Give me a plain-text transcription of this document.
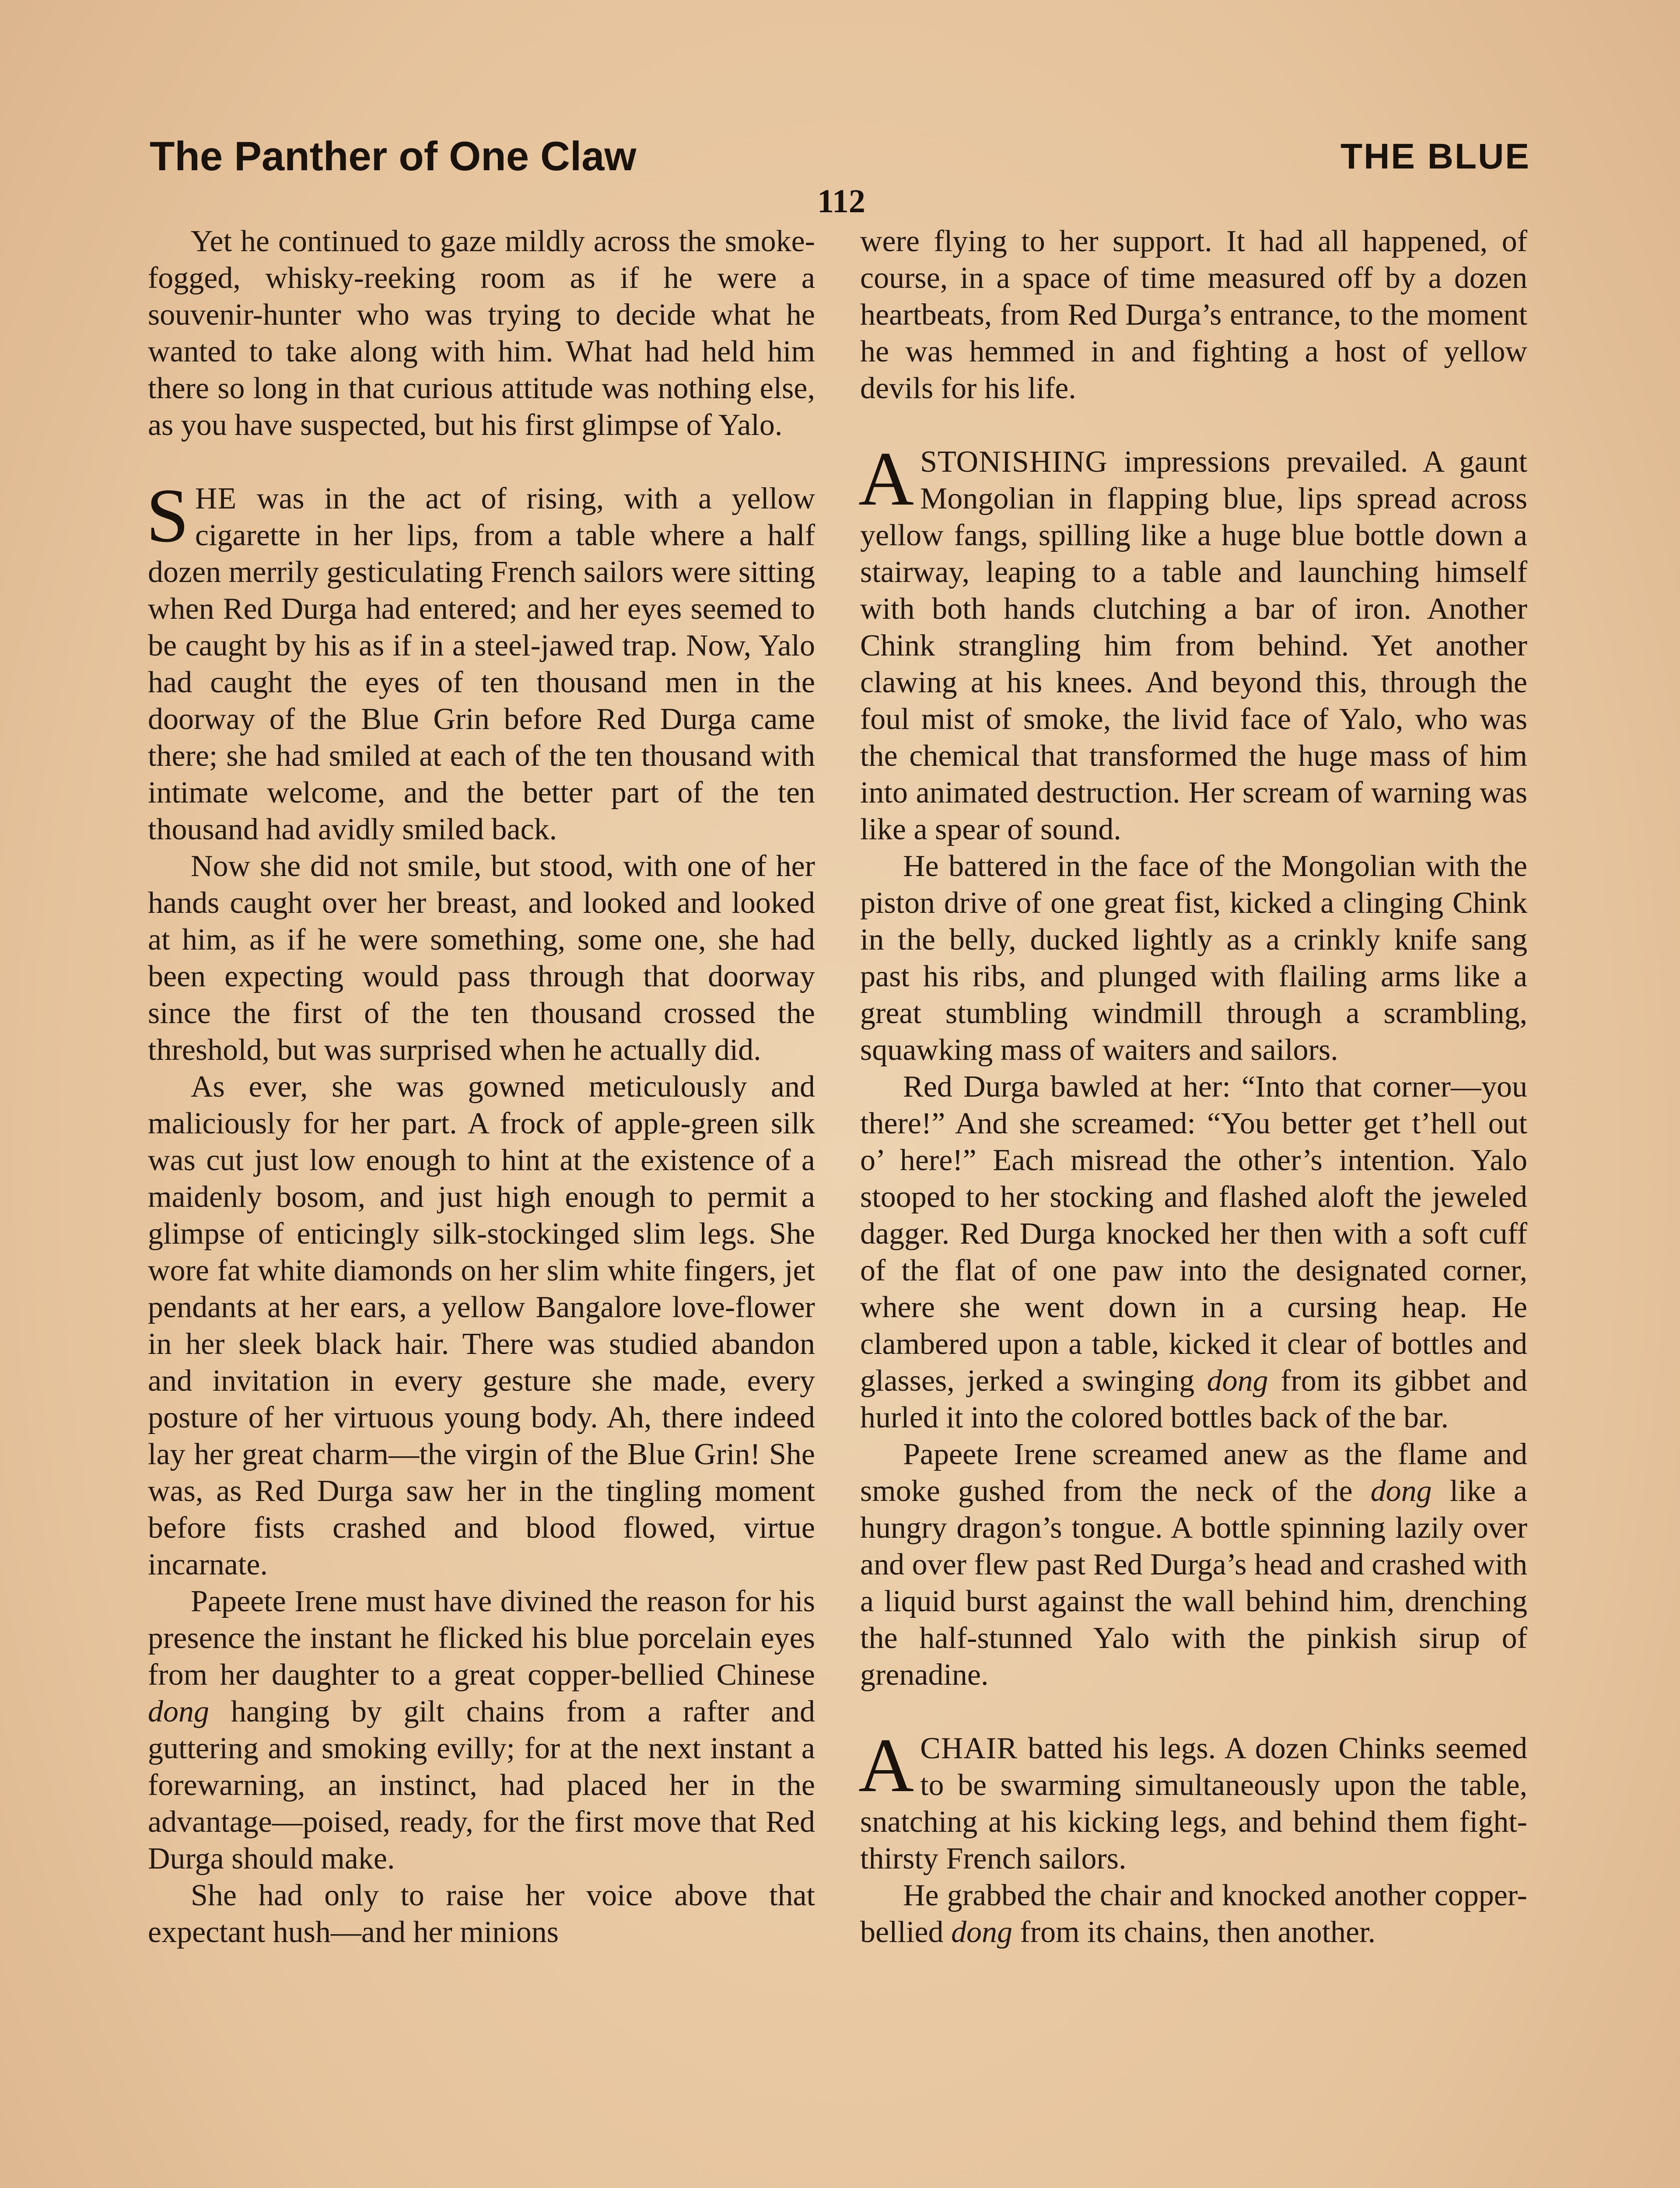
The Panther of One Claw	THE BLUE
112

Yet he continued to gaze mildly across the smoke-fogged, whisky-reeking room as if he were a souvenir-hunter who was trying to decide what he wanted to take along with him. What had held him there so long in that curious attitude was nothing else, as you have suspected, but his first glimpse of Yalo.

SHE was in the act of rising, with a yellow cigarette in her lips, from a table where a half dozen merrily gesticulating French sailors were sitting when Red Durga had entered; and her eyes seemed to be caught by his as if in a steel-jawed trap. Now, Yalo had caught the eyes of ten thousand men in the doorway of the Blue Grin before Red Durga came there; she had smiled at each of the ten thousand with intimate welcome, and the better part of the ten thousand had avidly smiled back.

Now she did not smile, but stood, with one of her hands caught over her breast, and looked and looked at him, as if he were something, some one, she had been expecting would pass through that doorway since the first of the ten thousand crossed the threshold, but was surprised when he actually did.

As ever, she was gowned meticulously and maliciously for her part. A frock of apple-green silk was cut just low enough to hint at the existence of a maidenly bosom, and just high enough to permit a glimpse of enticingly silk-stockinged slim legs. She wore fat white diamonds on her slim white fingers, jet pendants at her ears, a yellow Bangalore love-flower in her sleek black hair. There was studied abandon and invitation in every gesture she made, every posture of her virtuous young body. Ah, there indeed lay her great charm—the virgin of the Blue Grin! She was, as Red Durga saw her in the tingling moment before fists crashed and blood flowed, virtue incarnate.

Papeete Irene must have divined the reason for his presence the instant he flicked his blue porcelain eyes from her daughter to a great copper-bellied Chinese dong hanging by gilt chains from a rafter and guttering and smoking evilly; for at the next instant a forewarning, an instinct, had placed her in the advantage—poised, ready, for the first move that Red Durga should make.

She had only to raise her voice above that expectant hush—and her minions

were flying to her support. It had all happened, of course, in a space of time measured off by a dozen heartbeats, from Red Durga’s entrance, to the moment he was hemmed in and fighting a host of yellow devils for his life.

ASTONISHING impressions prevailed. A gaunt Mongolian in flapping blue, lips spread across yellow fangs, spilling like a huge blue bottle down a stairway, leaping to a table and launching himself with both hands clutching a bar of iron. Another Chink strangling him from behind. Yet another clawing at his knees. And beyond this, through the foul mist of smoke, the livid face of Yalo, who was the chemical that transformed the huge mass of him into animated destruction. Her scream of warning was like a spear of sound.

He battered in the face of the Mongolian with the piston drive of one great fist, kicked a clinging Chink in the belly, ducked lightly as a crinkly knife sang past his ribs, and plunged with flailing arms like a great stumbling windmill through a scrambling, squawking mass of waiters and sailors.

Red Durga bawled at her: “Into that corner—you there!” And she screamed: “You better get t’hell out o’ here!” Each misread the other’s intention. Yalo stooped to her stocking and flashed aloft the jeweled dagger. Red Durga knocked her then with a soft cuff of the flat of one paw into the designated corner, where she went down in a cursing heap. He clambered upon a table, kicked it clear of bottles and glasses, jerked a swinging dong from its gibbet and hurled it into the colored bottles back of the bar.

Papeete Irene screamed anew as the flame and smoke gushed from the neck of the dong like a hungry dragon’s tongue. A bottle spinning lazily over and over flew past Red Durga’s head and crashed with a liquid burst against the wall behind him, drenching the half-stunned Yalo with the pinkish sirup of grenadine.

ACHAIR batted his legs. A dozen Chinks seemed to be swarming simultaneously upon the table, snatching at his kicking legs, and behind them fight-thirsty French sailors.

He grabbed the chair and knocked another copper-bellied dong from its chains, then another.
